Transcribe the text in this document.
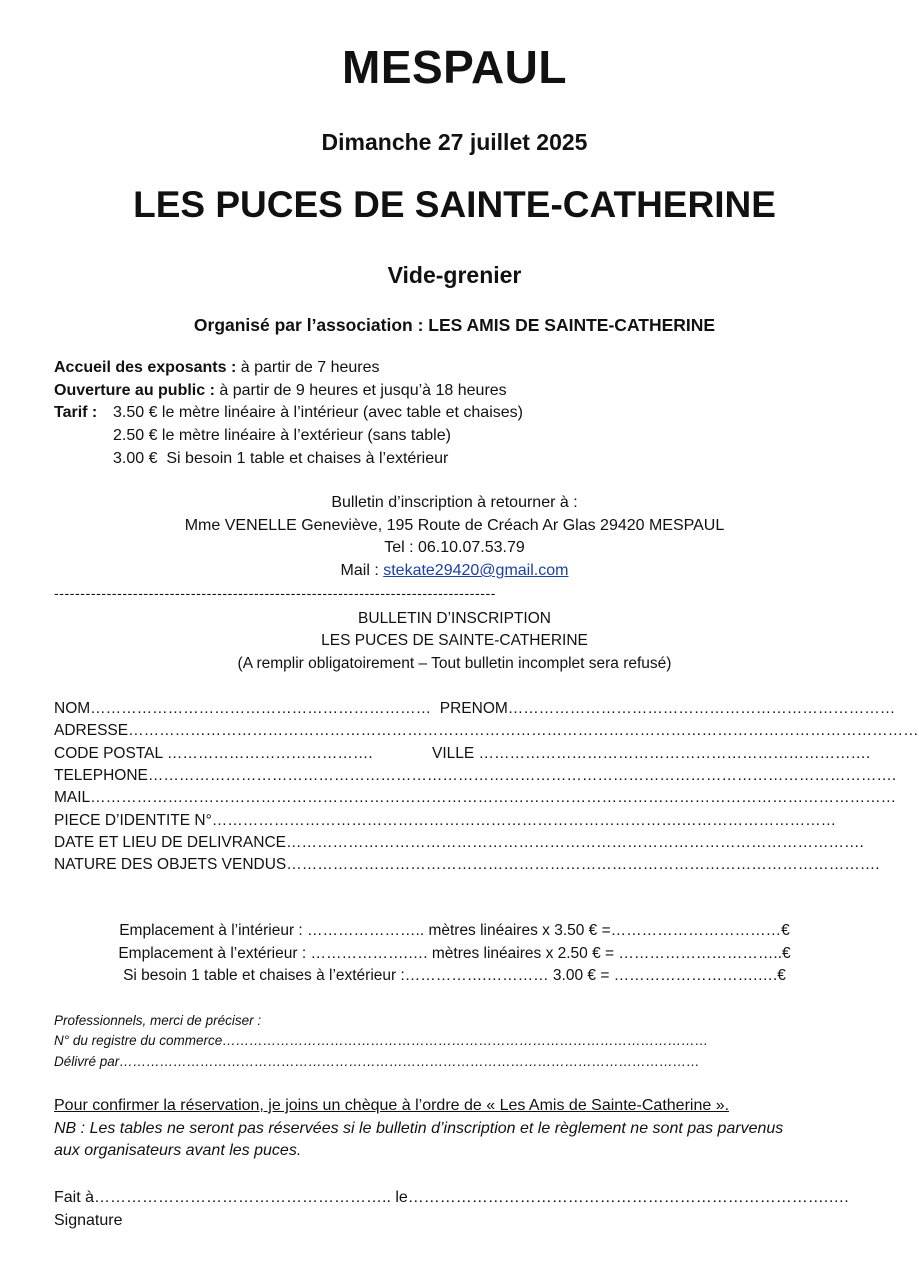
MESPAUL
Dimanche 27 juillet 2025
LES PUCES DE SAINTE-CATHERINE
Vide-grenier
Organisé par l’association : LES AMIS DE SAINTE-CATHERINE
Accueil des exposants : à partir de 7 heures
Ouverture au public : à partir de 9 heures et jusqu’à 18 heures
Tarif : 3.50 € le mètre linéaire à l’intérieur (avec table et chaises)
2.50 € le mètre linéaire à l’extérieur (sans table)
3.00 €  Si besoin 1 table et chaises à l’extérieur
Bulletin d’inscription à retourner à :
Mme VENELLE Geneviève, 195 Route de Créach Ar Glas 29420 MESPAUL
Tel : 06.10.07.53.79
Mail : stekate29420@gmail.com
------------------------------------------------------------------------------------
BULLETIN D’INSCRIPTION
LES PUCES DE SAINTE-CATHERINE
(A remplir obligatoirement – Tout bulletin incomplet sera refusé)
NOM…………………………………………………………  PRENOM…………………………………………………………………
ADRESSE………………………………………………………………………………………………………………………………………
CODE POSTAL ………………………………….	VILLE ………………………………………………………………….
TELEPHONE……………………………………………………………………………………………………………………………….
MAIL…………………………………………………………………………………………………………………………………………
PIECE D’IDENTITE N°……………………………………………………………………………….…………………………
DATE ET LIEU DE DELIVRANCE………………………………………………………………………………………………….
NATURE DES OBJETS VENDUS…………………………………………………………………………………………………….
Emplacement à l’intérieur : ………………….. mètres linéaires x 3.50 € =……………………………€
Emplacement à l’extérieur : ……………….…. mètres linéaires x 2.50 € = …………………………..€
Si besoin 1 table et chaises à l’extérieur :…………….………… 3.00 € = ……………………….….€
Professionnels, merci de préciser :
N° du registre du commerce………………………………………………………………………………………………
Délivré par…………………………………………………………………………………………………………………
Pour confirmer la réservation, je joins un chèque à l’ordre de « Les Amis de Sainte-Catherine ».
NB : Les tables ne seront pas réservées si le bulletin d’inscription et le règlement ne sont pas parvenus
aux organisateurs avant les puces.
Fait à……………………………………………….. le…………………………………………………………………….….
Signature
